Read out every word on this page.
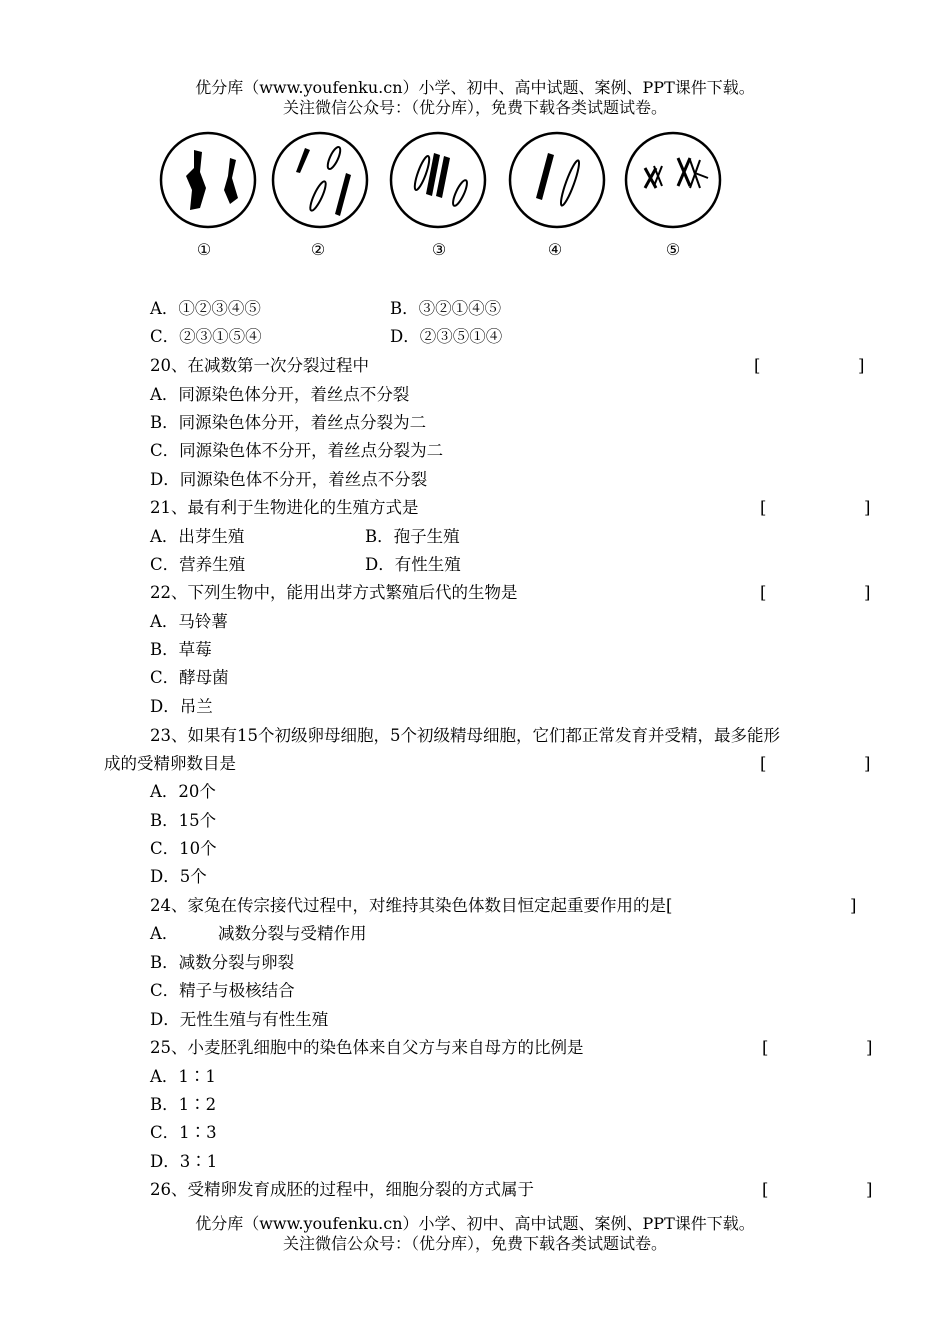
优分库（www.youfenku.cn）小学、初中、高中试题、案例、PPT课件下载。
关注微信公众号：（优分库），免费下载各类试题试卷。
①	②	③	④	⑤
A．①②③④⑤	B．③②①④⑤
C．②③①⑤④	D．②③⑤①④
20、在减数第一次分裂过程中	[	]
A．同源染色体分开，着丝点不分裂
B．同源染色体分开，着丝点分裂为二
C．同源染色体不分开，着丝点分裂为二
D．同源染色体不分开，着丝点不分裂
21、最有利于生物进化的生殖方式是	[	]
A．出芽生殖	B．孢子生殖
C．营养生殖	D．有性生殖
22、下列生物中，能用出芽方式繁殖后代的生物是	[	]
A．马铃薯
B．草莓
C．酵母菌
D．吊兰
23、如果有15个初级卵母细胞，5个初级精母细胞，它们都正常发育并受精，最多能形
成的受精卵数目是	[	]
A．20个
B．15个
C．10个
D．5个
24、家兔在传宗接代过程中，对维持其染色体数目恒定起重要作用的是[	]
A． 减数分裂与受精作用
B．减数分裂与卵裂
C．精子与极核结合
D．无性生殖与有性生殖
25、小麦胚乳细胞中的染色体来自父方与来自母方的比例是	[	]
A．1∶1
B．1∶2
C．1∶3
D．3∶1
26、受精卵发育成胚的过程中，细胞分裂的方式属于	[	]
优分库（www.youfenku.cn）小学、初中、高中试题、案例、PPT课件下载。
关注微信公众号：（优分库），免费下载各类试题试卷。
